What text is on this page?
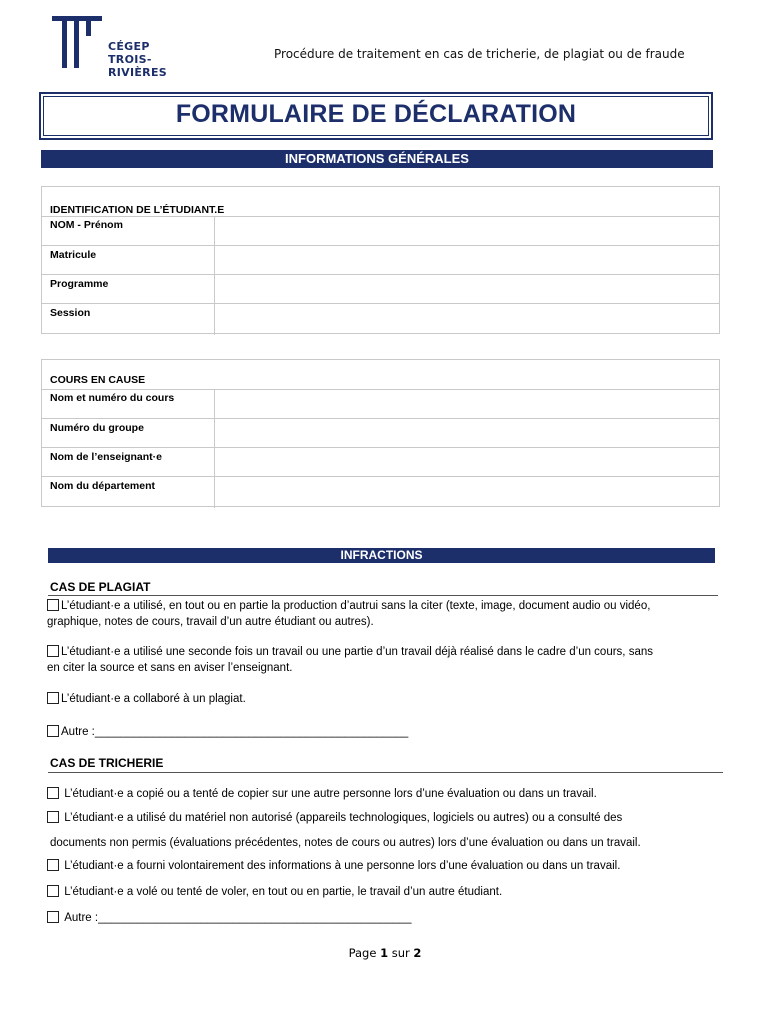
CÉGEP
TROIS-
RIVIÈRES
Procédure de traitement en cas de tricherie, de plagiat ou de fraude
FORMULAIRE DE DÉCLARATION
INFORMATIONS GÉNÉRALES
IDENTIFICATION DE L’ÉTUDIANT.E
NOM - Prénom
Matricule
Programme
Session
COURS EN CAUSE
Nom et numéro du cours
Numéro du groupe
Nom de l’enseignant·e
Nom du département
INFRACTIONS
CAS DE PLAGIAT
L’étudiant·e a utilisé, en tout ou en partie la production d’autrui sans la citer (texte, image, document audio ou vidéo,
graphique, notes de cours, travail d’un autre étudiant ou autres).
L’étudiant·e a utilisé une seconde fois un travail ou une partie d’un travail déjà réalisé dans le cadre d’un cours, sans
en citer la source et sans en aviser l’enseignant.
L’étudiant·e a collaboré à un plagiat.
Autre :_________________________________________________
CAS DE TRICHERIE
L’étudiant·e a copié ou a tenté de copier sur une autre personne lors d’une évaluation ou dans un travail.
L’étudiant·e a utilisé du matériel non autorisé (appareils technologiques, logiciels ou autres) ou a consulté des
documents non permis (évaluations précédentes, notes de cours ou autres) lors d’une évaluation ou dans un travail.
L’étudiant·e a fourni volontairement des informations à une personne lors d’une évaluation ou dans un travail.
L’étudiant·e a volé ou tenté de voler, en tout ou en partie, le travail d’un autre étudiant.
Autre :_________________________________________________
Page 1 sur 2
